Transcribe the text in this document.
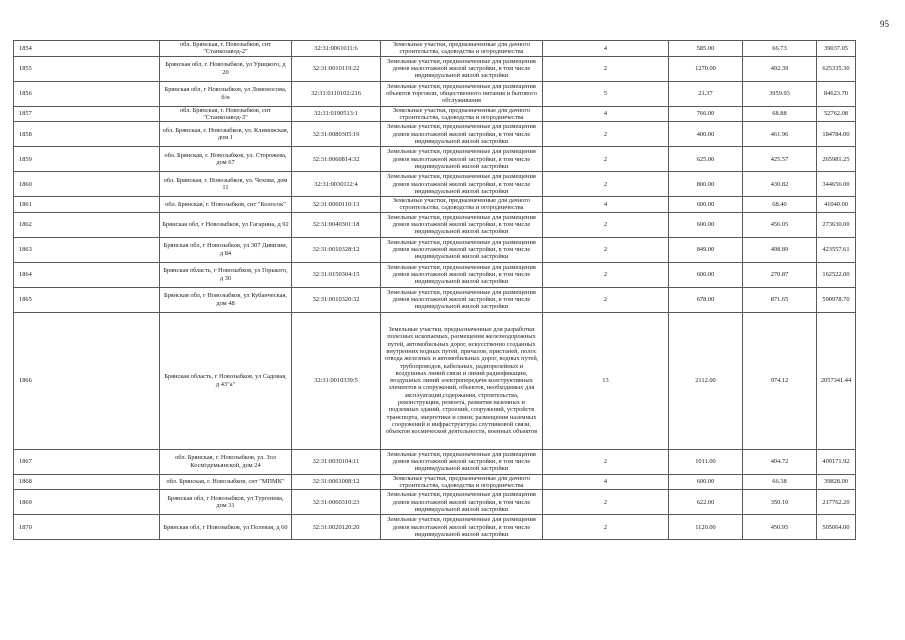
95
1854	обл. Брянская, г. Новозыбков, снт "Станкозавод-2"	32:31:0061011:6	Земельные участки, предназначенные для дачного строительства, садоводства и огородничества	4	585.00	66.73	39037.05	
1855	Брянская обл, г. Новозыбков, ул Урицкого, д 20	32:31:0010119:22	Земельные участки, предназначенные для размещения домов малоэтажной жилой застройки, в том числе индивидуальной жилой застройки	2	1270.00	492.39	625335.30	
1856	Брянская обл, г Новозыбков, ул Ломоносова, б/н	32:31:0110102:216	Земельные участки, предназначенные для размещения объектов торговли, общественного питания и бытового обслуживания	5	21.37	3959.93	84623.70	
1857	обл. Брянская, г. Новозыбков, снт "Станкозавод-3"	32:31:0190513:1	Земельные участки, предназначенные для дачного строительства, садоводства и огородничества	4	766.00	68.88	52762.08	
1858	обл. Брянская, г. Новозыбков, ул. Климовская, дом 1	32:31:0080305:19	Земельные участки, предназначенные для размещения домов малоэтажной жилой застройки, в том числе индивидуальной жилой застройки	2	400.00	461.96	184784.00	
1859	обл. Брянская, г. Новозыбков, ул. Сторожева, дом 67	32:31:0060814:32	Земельные участки, предназначенные для размещения домов малоэтажной жилой застройки, в том числе индивидуальной жилой застройки	2	625.00	425.57	265981.25	
1860	обл. Брянская, г. Новозыбков, ул. Чехова, дом 11	32:31:0030112:4	Земельные участки, предназначенные для размещения домов малоэтажной жилой застройки, в том числе индивидуальной жилой застройки	2	800.00	430.82	344656.00	
1861	обл. Брянская, г. Новозыбков, снт "Колосок"	32:31:0060110:13	Земельные участки, предназначенные для дачного строительства, садоводства и огородничества	4	600.00	68.40	41040.00	
1862	Брянская обл, г Новозыбков, ул Гагарина, д 92	32:31:0040301:18	Земельные участки, предназначенные для размещения домов малоэтажной жилой застройки, в том числе индивидуальной жилой застройки	2	600.00	456.05	273630.00	
1863	Брянская обл, г Новозыбков, ул 307 Дивизии, д 84	32:31:0010328:12	Земельные участки, предназначенные для размещения домов малоэтажной жилой застройки, в том числе индивидуальной жилой застройки	2	849.00	498.89	423557.61	
1864	Брянская область, г Новозыбков, ул Горького, д 30	32:31:0150304:15	Земельные участки, предназначенные для размещения домов малоэтажной жилой застройки, в том числе индивидуальной жилой застройки	2	600.00	270.87	162522.00	
1865	Брянская обл, г Новозыбков, ул Кубанческая, дом 48	32:31:0010320:32	Земельные участки, предназначенные для размещения домов малоэтажной жилой застройки, в том числе индивидуальной жилой застройки	2	678.00	871.65	590978.70	
1866	Брянская область, г Новозыбков, ул Садовая, д 43"а"	32:31:0010339:5	Земельные участки, предназначенные для разработки полезных ископаемых, размещения железнодорожных путей, автомобильных дорог, искусственно созданных внутренних водных путей, причалов, пристаней, полос отвода железных и автомобильных дорог, водных путей, трубопроводов, кабельных, радиорелейных и воздушных линий связи и линий радиофикации, воздушных линий электропередачи конструктивных элементов и сооружений, объектов, необходимых для эксплуатации,содержания, строительства, реконструкции, ремонта, развития наземных и подземных зданий, строений, сооружений, устройств транспорта, энергетики и связи; размещения наземных сооружений и инфраструктуры спутниковой связи, объектов космической деятельности, военных объектов	13	2112.00	974.12	2057341.44	
1867	обл. Брянская, г. Новозыбков, ул. Зол Космодемьянской, дом 24	32:31:0030104:11	Земельные участки, предназначенные для размещения домов малоэтажной жилой застройки, в том числе индивидуальной жилой застройки	2	1011.00	404.72	409171.92	
1868	обл. Брянская, г. Новозыбков, снт "МПМК"	32:31:0061008:12	Земельные участки, предназначенные для дачного строительства, садоводства и огородничества	4	600.00	66.38	39828.00	
1869	Брянская обл, г Новозыбков, ул Тургенева, дом 31	32:31:0060310:23	Земельные участки, предназначенные для размещения домов малоэтажной жилой застройки, в том числе индивидуальной жилой застройки	2	622.00	350.10	217762.20	
1870	Брянская обл, г Новозыбков, ул Полевая, д 60	32:31:0020120:20	Земельные участки, предназначенные для размещения домов малоэтажной жилой застройки, в том числе индивидуальной жилой застройки	2	1120.00	450.95	505064.00	
